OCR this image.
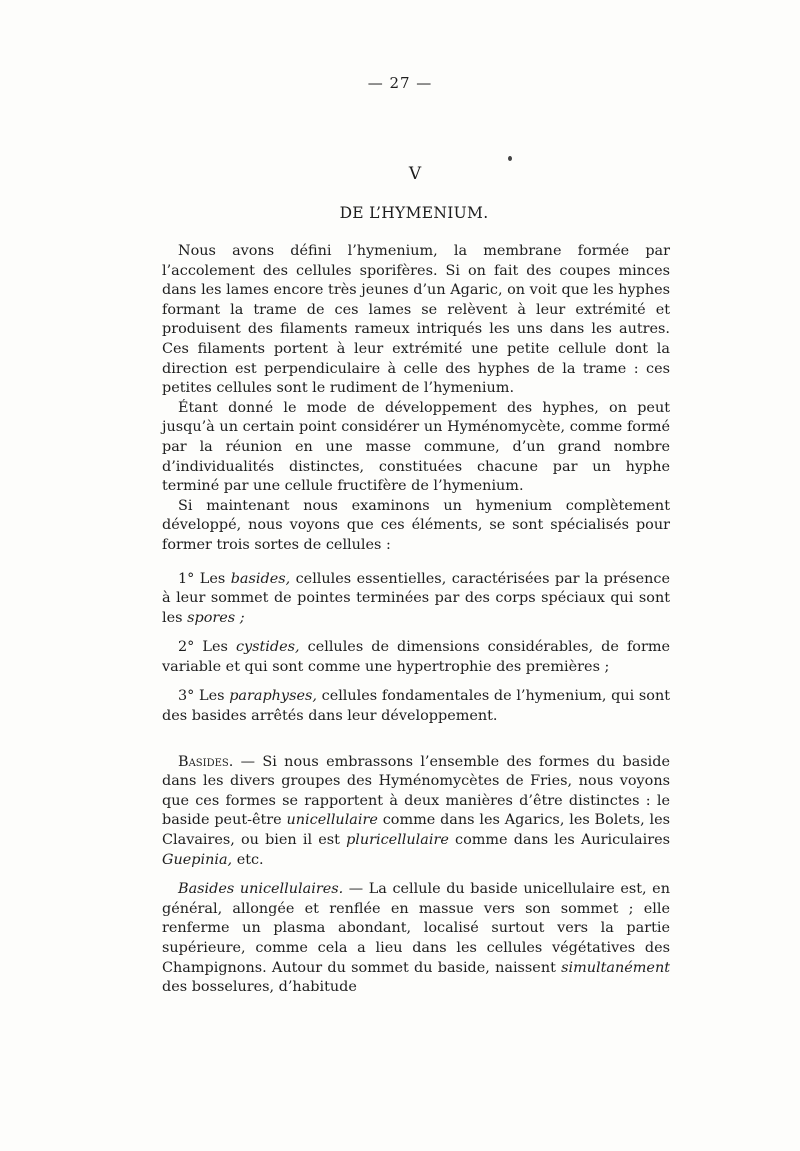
— 27 —
V
DE L’HYMENIUM.

Nous avons défini l’hymenium, la membrane formée par l’accolement des cellules sporifères. Si on fait des coupes minces dans les lames encore très jeunes d’un Agaric, on voit que les hyphes formant la trame de ces lames se relèvent à leur extrémité et produisent des filaments rameux intriqués les uns dans les autres. Ces filaments portent à leur extrémité une petite cellule dont la direction est perpendiculaire à celle des hyphes de la trame : ces petites cellules sont le rudiment de l’hymenium.

Étant donné le mode de développement des hyphes, on peut jusqu’à un certain point considérer un Hyménomycète, comme formé par la réunion en une masse commune, d’un grand nombre d’individualités distinctes, constituées chacune par un hyphe terminé par une cellule fructifère de l’hymenium.

Si maintenant nous examinons un hymenium complètement développé, nous voyons que ces éléments, se sont spécialisés pour former trois sortes de cellules :

1° Les basides, cellules essentielles, caractérisées par la présence à leur sommet de pointes terminées par des corps spéciaux qui sont les spores ;

2° Les cystides, cellules de dimensions considérables, de forme variable et qui sont comme une hypertrophie des premières ;

3° Les paraphyses, cellules fondamentales de l’hymenium, qui sont des basides arrêtés dans leur développement.

Basides. — Si nous embrassons l’ensemble des formes du baside dans les divers groupes des Hyménomycètes de Fries, nous voyons que ces formes se rapportent à deux manières d’être distinctes : le baside peut-être unicellulaire comme dans les Agarics, les Bolets, les Clavaires, ou bien il est pluricellulaire comme dans les Auriculaires Guepinia, etc.

Basides unicellulaires. — La cellule du baside unicellulaire est, en général, allongée et renflée en massue vers son sommet ; elle renferme un plasma abondant, localisé surtout vers la partie supérieure, comme cela a lieu dans les cellules végétatives des Champignons. Autour du sommet du baside, naissent simultanément des bosselures, d’habitude
